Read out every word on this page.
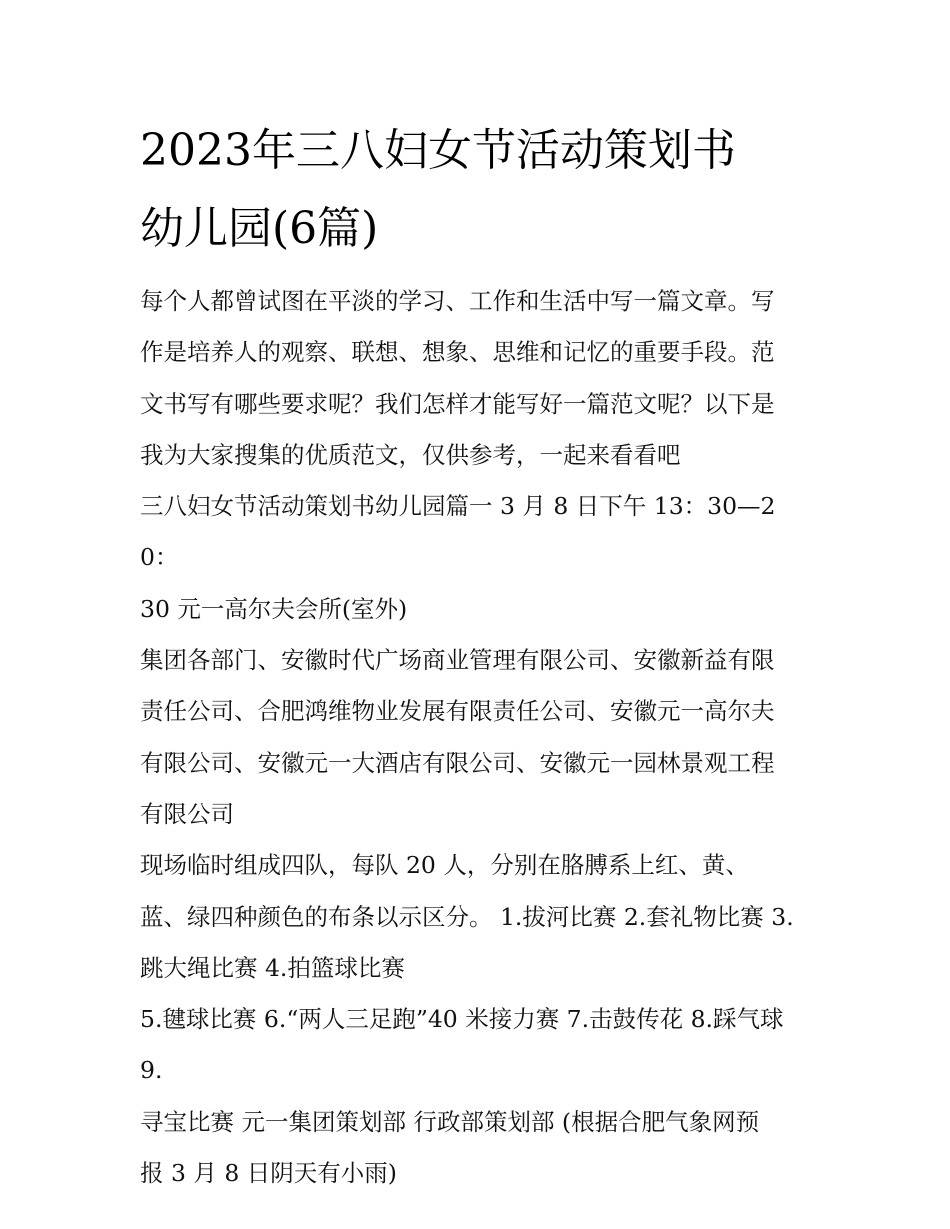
2023年三八妇女节活动策划书
幼儿园(6篇)
每个人都曾试图在平淡的学习、工作和生活中写一篇文章。写
作是培养人的观察、联想、想象、思维和记忆的重要手段。范
文书写有哪些要求呢？我们怎样才能写好一篇范文呢？以下是
我为大家搜集的优质范文，仅供参考，一起来看看吧
三八妇女节活动策划书幼儿园篇一 3 月 8 日下午 13：30—20：
30 元一高尔夫会所(室外)
集团各部门、安徽时代广场商业管理有限公司、安徽新益有限
责任公司、合肥鸿维物业发展有限责任公司、安徽元一高尔夫
有限公司、安徽元一大酒店有限公司、安徽元一园林景观工程
有限公司
现场临时组成四队，每队 20 人，分别在胳膊系上红、黄、
蓝、绿四种颜色的布条以示区分。 1.拔河比赛 2.套礼物比赛 3.
跳大绳比赛 4.拍篮球比赛
5.毽球比赛 6.“两人三足跑”40 米接力赛 7.击鼓传花 8.踩气球 9.
寻宝比赛 元一集团策划部 行政部策划部 (根据合肥气象网预
报 3 月 8 日阴天有小雨)
